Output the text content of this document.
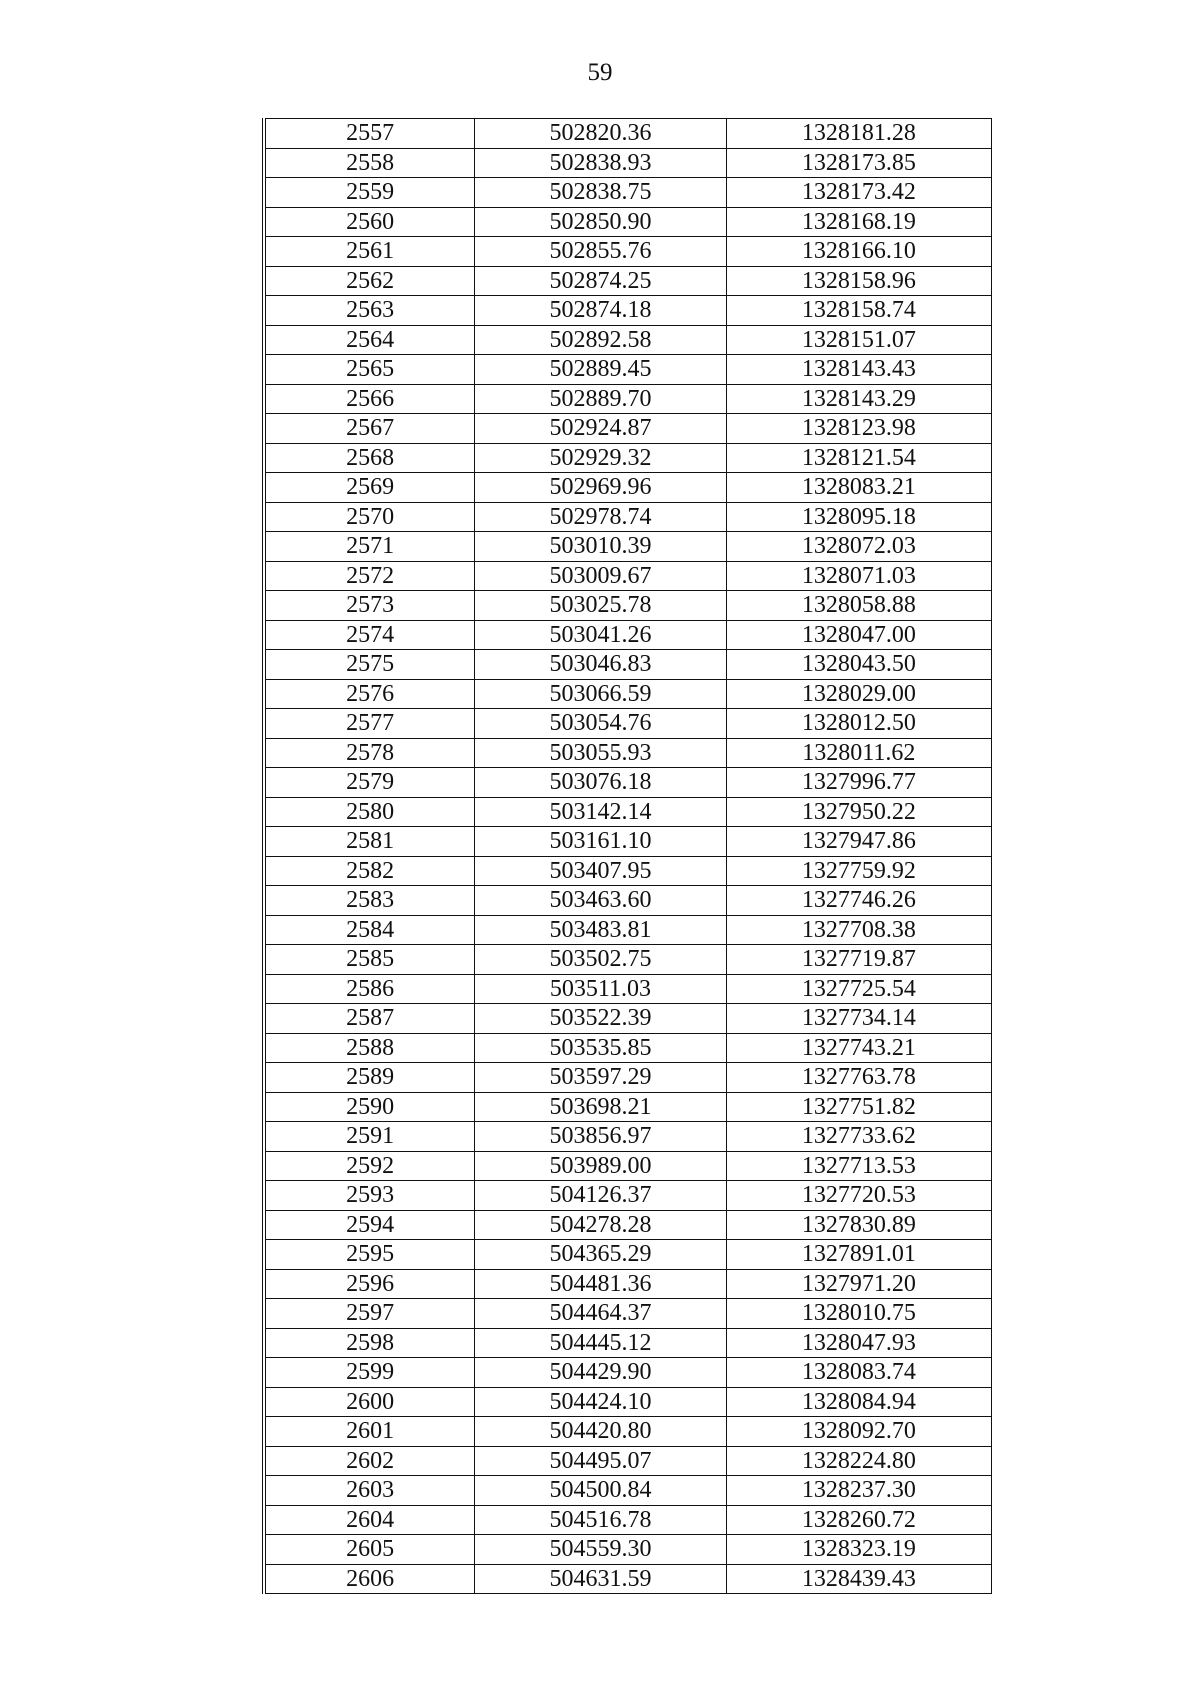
59
2557	502820.36	1328181.28
2558	502838.93	1328173.85
2559	502838.75	1328173.42
2560	502850.90	1328168.19
2561	502855.76	1328166.10
2562	502874.25	1328158.96
2563	502874.18	1328158.74
2564	502892.58	1328151.07
2565	502889.45	1328143.43
2566	502889.70	1328143.29
2567	502924.87	1328123.98
2568	502929.32	1328121.54
2569	502969.96	1328083.21
2570	502978.74	1328095.18
2571	503010.39	1328072.03
2572	503009.67	1328071.03
2573	503025.78	1328058.88
2574	503041.26	1328047.00
2575	503046.83	1328043.50
2576	503066.59	1328029.00
2577	503054.76	1328012.50
2578	503055.93	1328011.62
2579	503076.18	1327996.77
2580	503142.14	1327950.22
2581	503161.10	1327947.86
2582	503407.95	1327759.92
2583	503463.60	1327746.26
2584	503483.81	1327708.38
2585	503502.75	1327719.87
2586	503511.03	1327725.54
2587	503522.39	1327734.14
2588	503535.85	1327743.21
2589	503597.29	1327763.78
2590	503698.21	1327751.82
2591	503856.97	1327733.62
2592	503989.00	1327713.53
2593	504126.37	1327720.53
2594	504278.28	1327830.89
2595	504365.29	1327891.01
2596	504481.36	1327971.20
2597	504464.37	1328010.75
2598	504445.12	1328047.93
2599	504429.90	1328083.74
2600	504424.10	1328084.94
2601	504420.80	1328092.70
2602	504495.07	1328224.80
2603	504500.84	1328237.30
2604	504516.78	1328260.72
2605	504559.30	1328323.19
2606	504631.59	1328439.43
